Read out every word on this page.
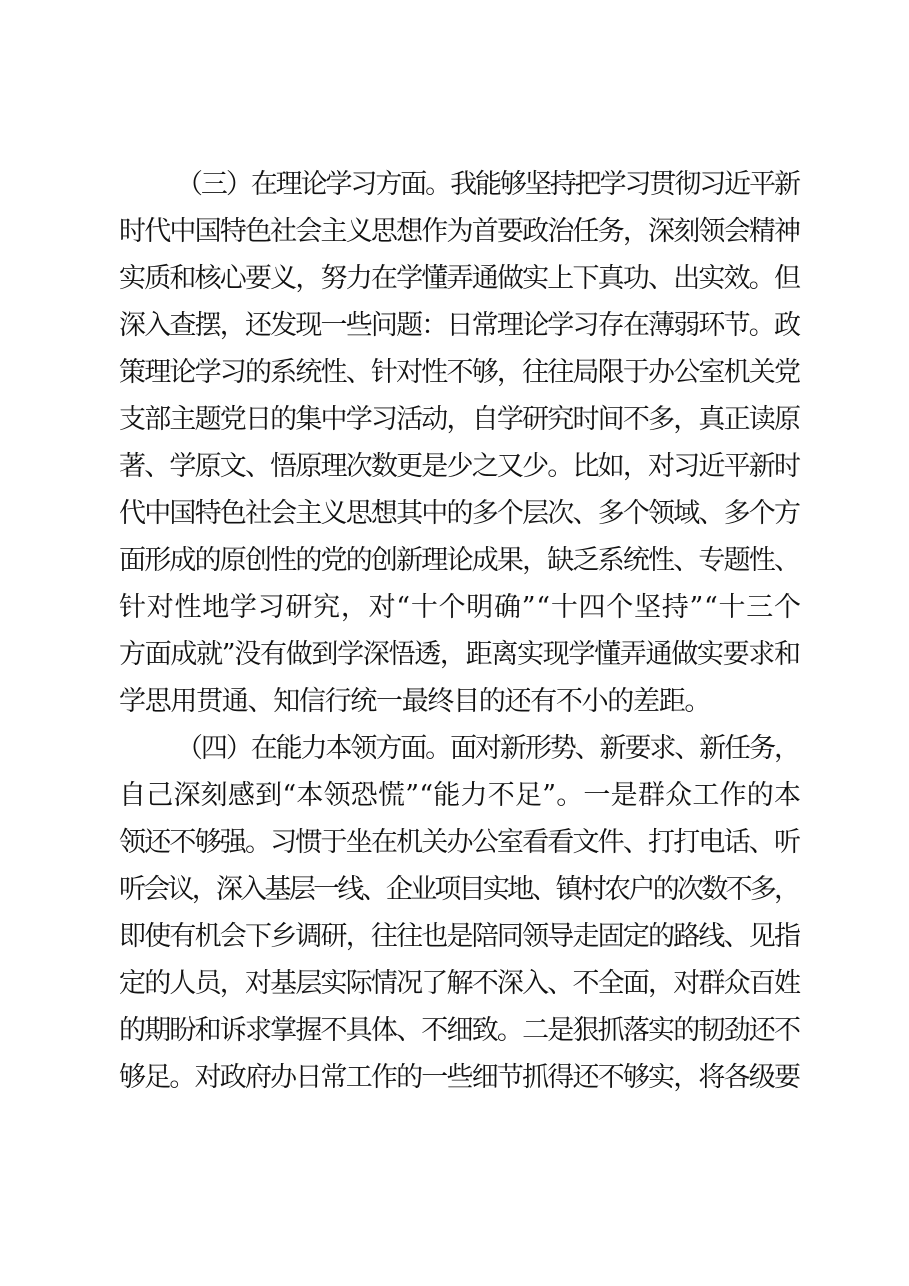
（三）在理论学习方面。我能够坚持把学习贯彻习近平新
时代中国特色社会主义思想作为首要政治任务，深刻领会精神
实质和核心要义，努力在学懂弄通做实上下真功、出实效。但
深入查摆，还发现一些问题：日常理论学习存在薄弱环节。政
策理论学习的系统性、针对性不够，往往局限于办公室机关党
支部主题党日的集中学习活动，自学研究时间不多，真正读原
著、学原文、悟原理次数更是少之又少。比如，对习近平新时
代中国特色社会主义思想其中的多个层次、多个领域、多个方
面形成的原创性的党的创新理论成果，缺乏系统性、专题性、
针对性地学习研究，对“十个明确”“十四个坚持”“十三个
方面成就”没有做到学深悟透，距离实现学懂弄通做实要求和
学思用贯通、知信行统一最终目的还有不小的差距。
（四）在能力本领方面。面对新形势、新要求、新任务，
自己深刻感到“本领恐慌”“能力不足”。一是群众工作的本
领还不够强。习惯于坐在机关办公室看看文件、打打电话、听
听会议，深入基层一线、企业项目实地、镇村农户的次数不多，
即使有机会下乡调研，往往也是陪同领导走固定的路线、见指
定的人员，对基层实际情况了解不深入、不全面，对群众百姓
的期盼和诉求掌握不具体、不细致。二是狠抓落实的韧劲还不
够足。对政府办日常工作的一些细节抓得还不够实，将各级要
